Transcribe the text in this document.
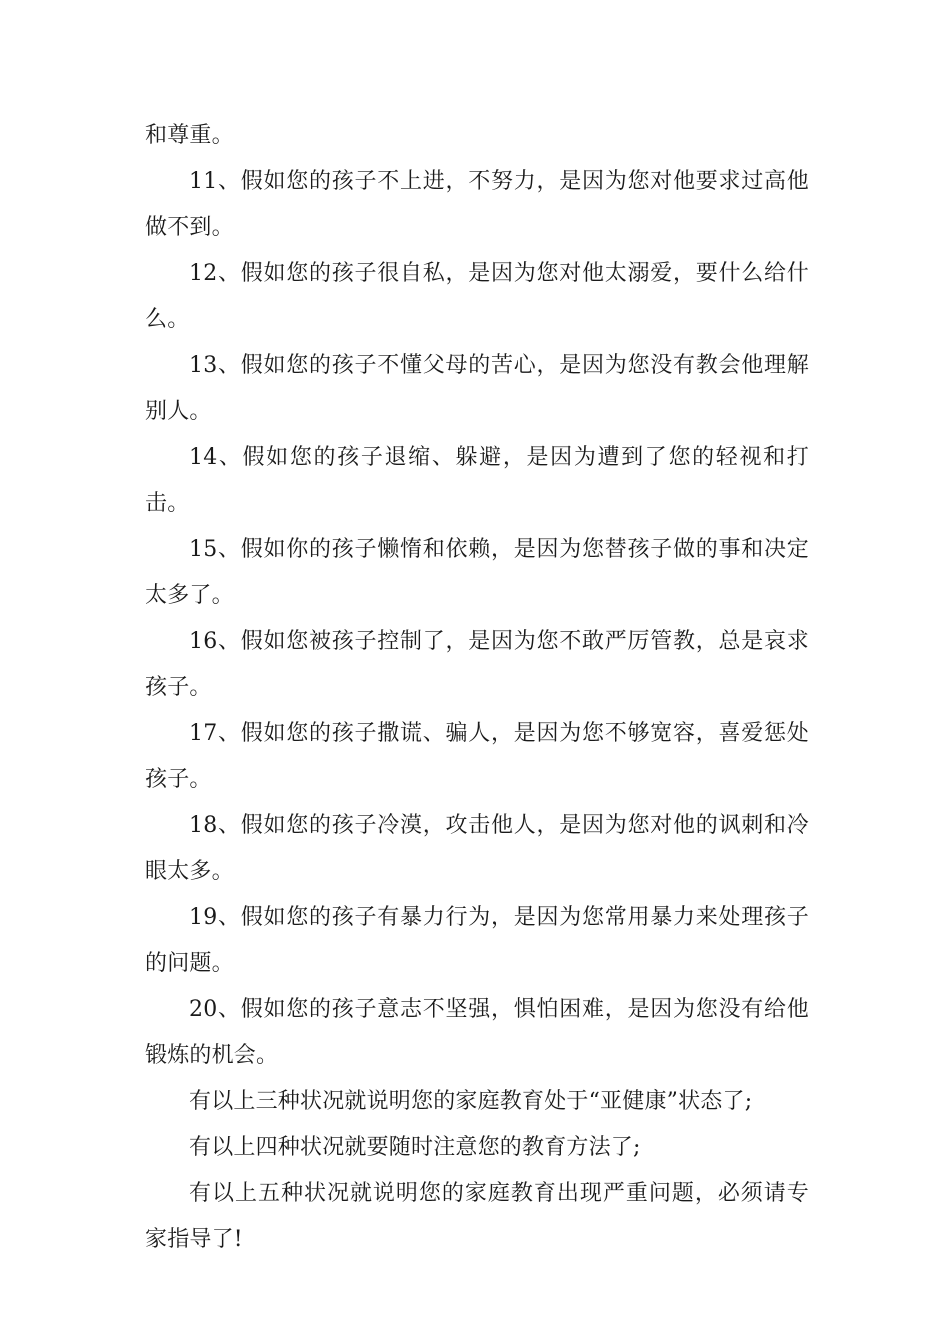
和尊重。

11、假如您的孩子不上进，不努力，是因为您对他要求过高他做不到。

12、假如您的孩子很自私，是因为您对他太溺爱，要什么给什么。

13、假如您的孩子不懂父母的苦心，是因为您没有教会他理解别人。

14、假如您的孩子退缩、躲避，是因为遭到了您的轻视和打击。

15、假如你的孩子懒惰和依赖，是因为您替孩子做的事和决定太多了。

16、假如您被孩子控制了，是因为您不敢严厉管教，总是哀求孩子。

17、假如您的孩子撒谎、骗人，是因为您不够宽容，喜爱惩处孩子。

18、假如您的孩子冷漠，攻击他人，是因为您对他的讽刺和冷眼太多。

19、假如您的孩子有暴力行为，是因为您常用暴力来处理孩子的问题。

20、假如您的孩子意志不坚强，惧怕困难，是因为您没有给他锻炼的机会。

有以上三种状况就说明您的家庭教育处于“亚健康”状态了;

有以上四种状况就要随时注意您的教育方法了;

有以上五种状况就说明您的家庭教育出现严重问题，必须请专家指导了!
